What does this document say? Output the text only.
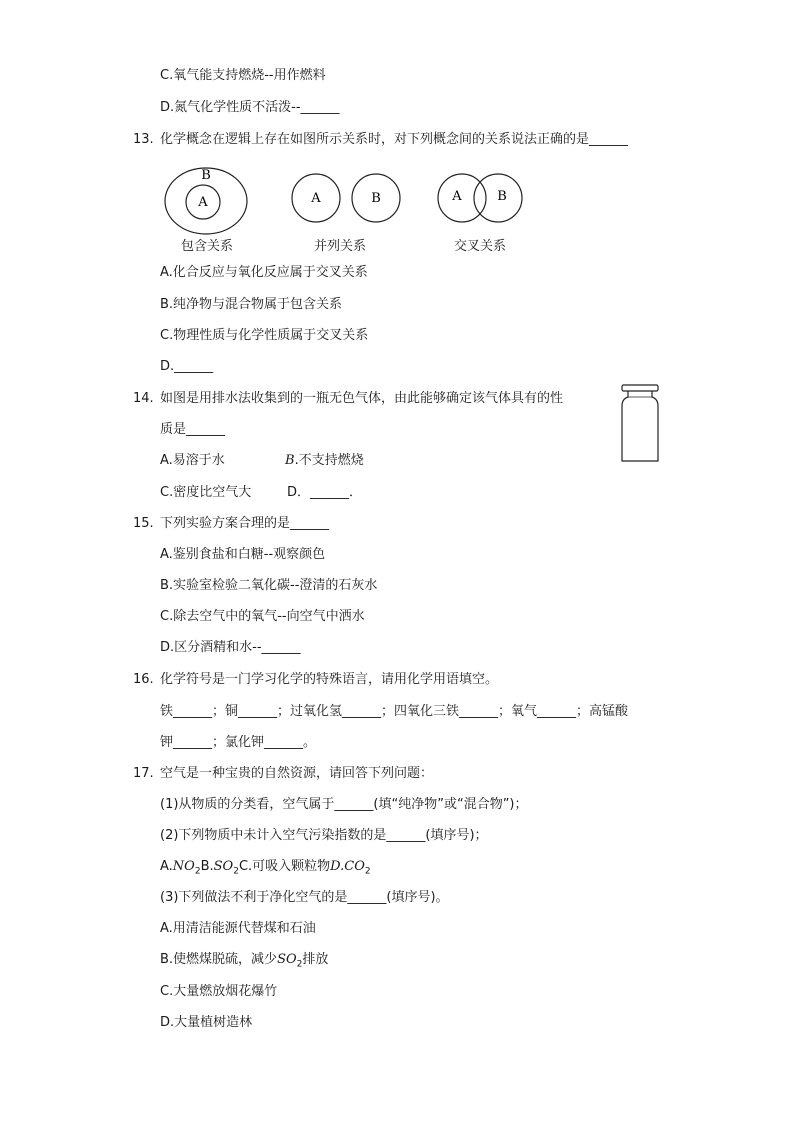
C.氧气能支持燃烧--用作燃料
D.氮气化学性质不活泼--______
13. 化学概念在逻辑上存在如图所示关系时，对下列概念间的关系说法正确的是______
B
A	A	B	A	B
包含关系	并列关系	交叉关系
A.化合反应与氧化反应属于交叉关系
B.纯净物与混合物属于包含关系
C.物理性质与化学性质属于交叉关系
D.______
14. 如图是用排水法收集到的一瓶无色气体，由此能够确定该气体具有的性
质是______
A.易溶于水	B.不支持燃烧
C.密度比空气大	D．______．
15. 下列实验方案合理的是______
A.鉴别食盐和白糖--观察颜色
B.实验室检验二氧化碳--澄清的石灰水
C.除去空气中的氧气--向空气中洒水
D.区分酒精和水--______
16. 化学符号是一门学习化学的特殊语言，请用化学用语填空。
铁______；铜______；过氧化氢______；四氧化三铁______；氧气______；高锰酸
钾______；氯化钾______。
17. 空气是一种宝贵的自然资源，请回答下列问题：
(1)从物质的分类看，空气属于______(填“纯净物”或“混合物”)；
(2)下列物质中未计入空气污染指数的是______(填序号)；
$A.NO_2B.SO_2C$.可吸入颗粒物$D.CO_2$
(3)下列做法不利于净化空气的是______(填序号)。
A.用清洁能源代替煤和石油
B.使燃煤脱硫，减少$SO_2$排放
C.大量燃放烟花爆竹
D.大量植树造林
